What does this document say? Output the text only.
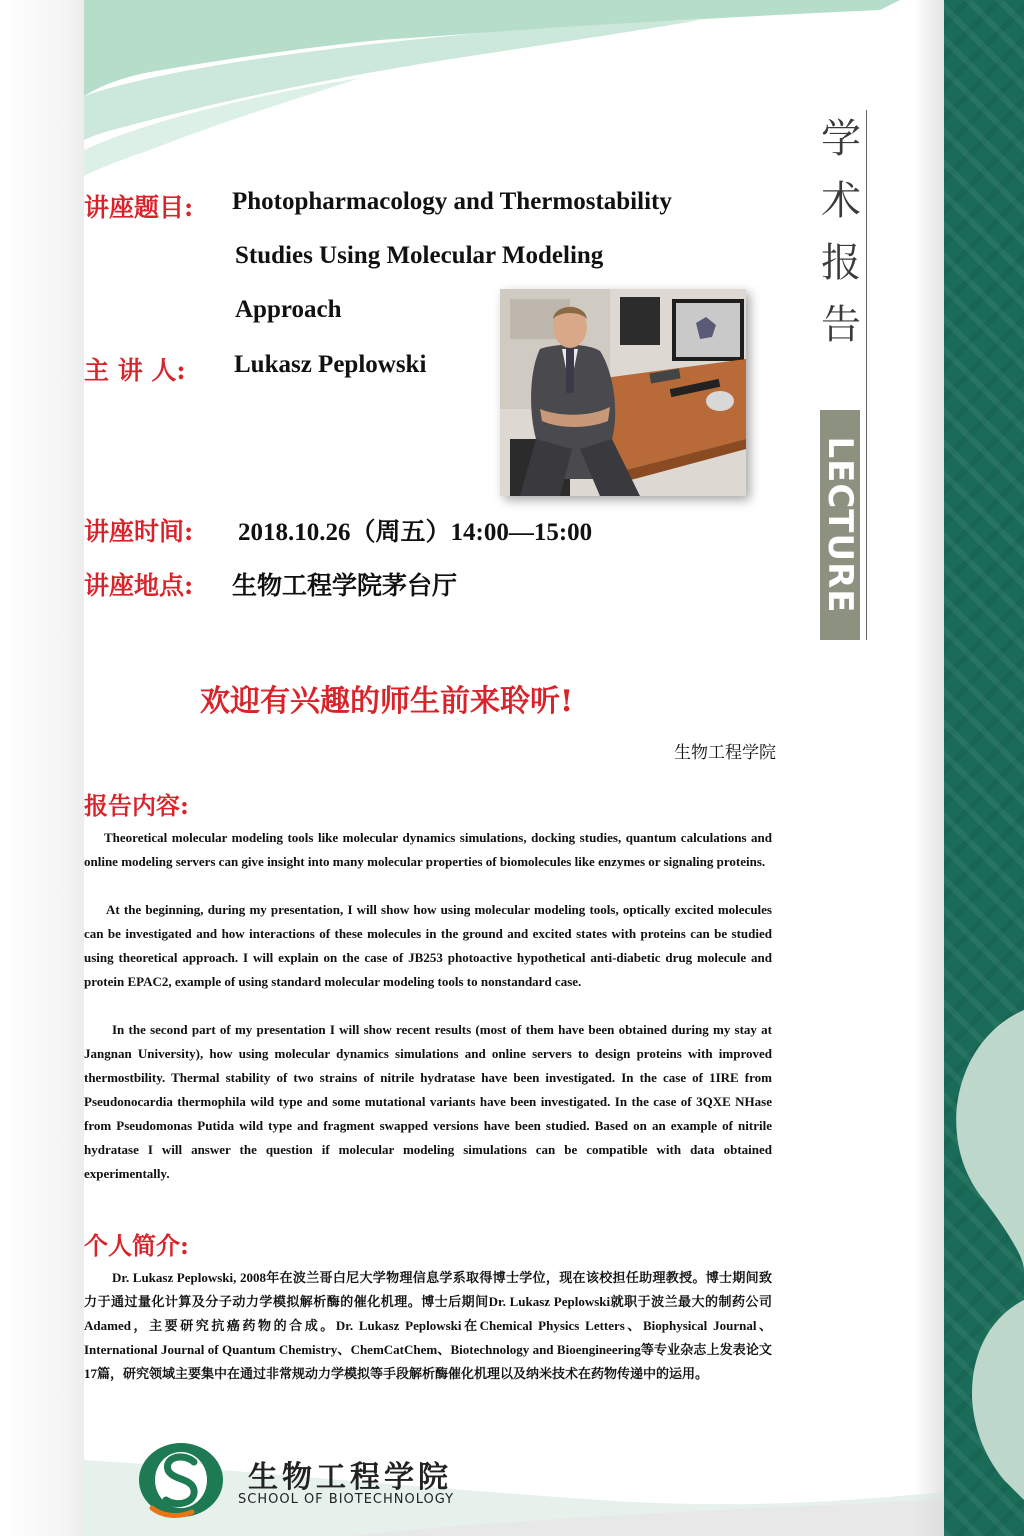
学
术
报
告
LECTURE
讲座题目: Photopharmacology and Thermostability
Studies Using Molecular Modeling
Approach
主 讲 人: Lukasz Peplowski
讲座时间: 2018.10.26（周五）14:00—15:00
讲座地点: 生物工程学院茅台厅
欢迎有兴趣的师生前来聆听!
生物工程学院
报告内容:

Theoretical molecular modeling tools like molecular dynamics simulations, docking studies, quantum calculations and online modeling servers can give insight into many molecular properties of biomolecules like enzymes or signaling proteins.

At the beginning, during my presentation, I will show how using molecular modeling tools, optically excited molecules can be investigated and how interactions of these molecules in the ground and excited states with proteins can be studied using theoretical approach. I will explain on the case of JB253 photoactive hypothetical anti-diabetic drug molecule and protein EPAC2, example of using standard molecular modeling tools to nonstandard case.

In the second part of my presentation I will show recent results (most of them have been obtained during my stay at Jangnan University), how using molecular dynamics simulations and online servers to design proteins with improved thermostbility. Thermal stability of two strains of nitrile hydratase have been investigated. In the case of 1IRE from Pseudonocardia thermophila wild type and some mutational variants have been investigated. In the case of 3QXE NHase from Pseudomonas Putida wild type and fragment swapped versions have been studied. Based on an example of nitrile hydratase I will answer the question if molecular modeling simulations can be compatible with data obtained experimentally.

个人简介:

Dr. Lukasz Peplowski, 2008年在波兰哥白尼大学物理信息学系取得博士学位，现在该校担任助理教授。博士期间致力于通过量化计算及分子动力学模拟解析酶的催化机理。博士后期间Dr. Lukasz Peplowski就职于波兰最大的制药公司Adamed，主要研究抗癌药物的合成。Dr. Lukasz Peplowski在Chemical Physics Letters、Biophysical Journal、International Journal of Quantum Chemistry、ChemCatChem、Biotechnology and Bioengineering等专业杂志上发表论文17篇，研究领域主要集中在通过非常规动力学模拟等手段解析酶催化机理以及纳米技术在药物传递中的运用。

生物工程学院
SCHOOL OF BIOTECHNOLOGY
